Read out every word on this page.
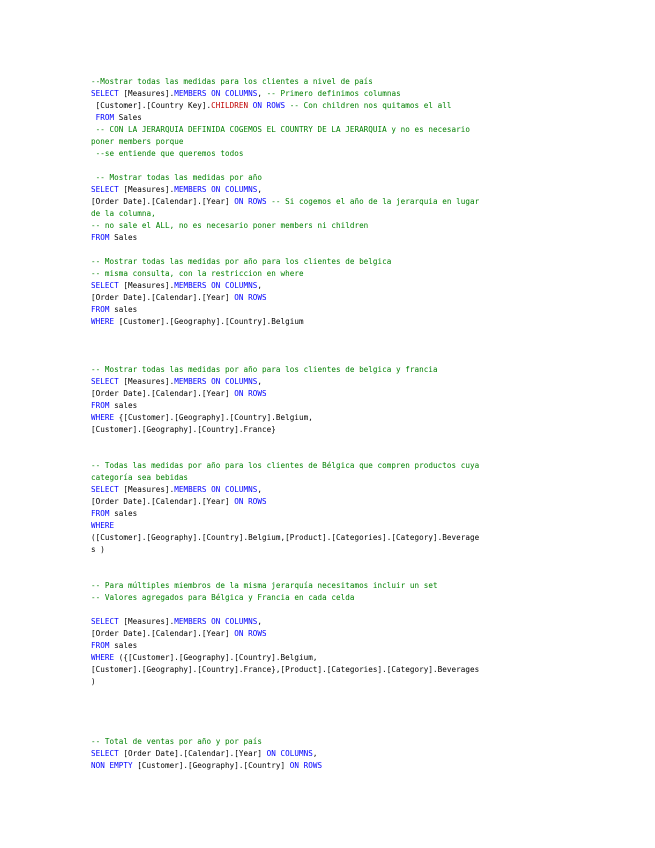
--Mostrar todas las medidas para los clientes a nivel de país
SELECT [Measures].MEMBERS ON COLUMNS, -- Primero definimos columnas
[Customer].[Country Key].CHILDREN ON ROWS -- Con children nos quitamos el all
FROM Sales
-- CON LA JERARQUIA DEFINIDA COGEMOS EL COUNTRY DE LA JERARQUIA y no es necesario
poner members porque
--se entiende que queremos todos
-- Mostrar todas las medidas por año
SELECT [Measures].MEMBERS ON COLUMNS,
[Order Date].[Calendar].[Year] ON ROWS -- Si cogemos el año de la jerarquia en lugar
de la columna,
-- no sale el ALL, no es necesario poner members ni children
FROM Sales
-- Mostrar todas las medidas por año para los clientes de belgica
-- misma consulta, con la restriccion en where
SELECT [Measures].MEMBERS ON COLUMNS,
[Order Date].[Calendar].[Year] ON ROWS
FROM sales
WHERE [Customer].[Geography].[Country].Belgium
-- Mostrar todas las medidas por año para los clientes de belgica y francia
SELECT [Measures].MEMBERS ON COLUMNS,
[Order Date].[Calendar].[Year] ON ROWS
FROM sales
WHERE {[Customer].[Geography].[Country].Belgium,
[Customer].[Geography].[Country].France}
-- Todas las medidas por año para los clientes de Bélgica que compren productos cuya
categoría sea bebidas
SELECT [Measures].MEMBERS ON COLUMNS,
[Order Date].[Calendar].[Year] ON ROWS
FROM sales
WHERE
([Customer].[Geography].[Country].Belgium,[Product].[Categories].[Category].Beverage
s )
-- Para múltiples miembros de la misma jerarquía necesitamos incluir un set
-- Valores agregados para Bélgica y Francia en cada celda
SELECT [Measures].MEMBERS ON COLUMNS,
[Order Date].[Calendar].[Year] ON ROWS
FROM sales
WHERE ({[Customer].[Geography].[Country].Belgium,
[Customer].[Geography].[Country].France},[Product].[Categories].[Category].Beverages
)
-- Total de ventas por año y por país
SELECT [Order Date].[Calendar].[Year] ON COLUMNS,
NON EMPTY [Customer].[Geography].[Country] ON ROWS
